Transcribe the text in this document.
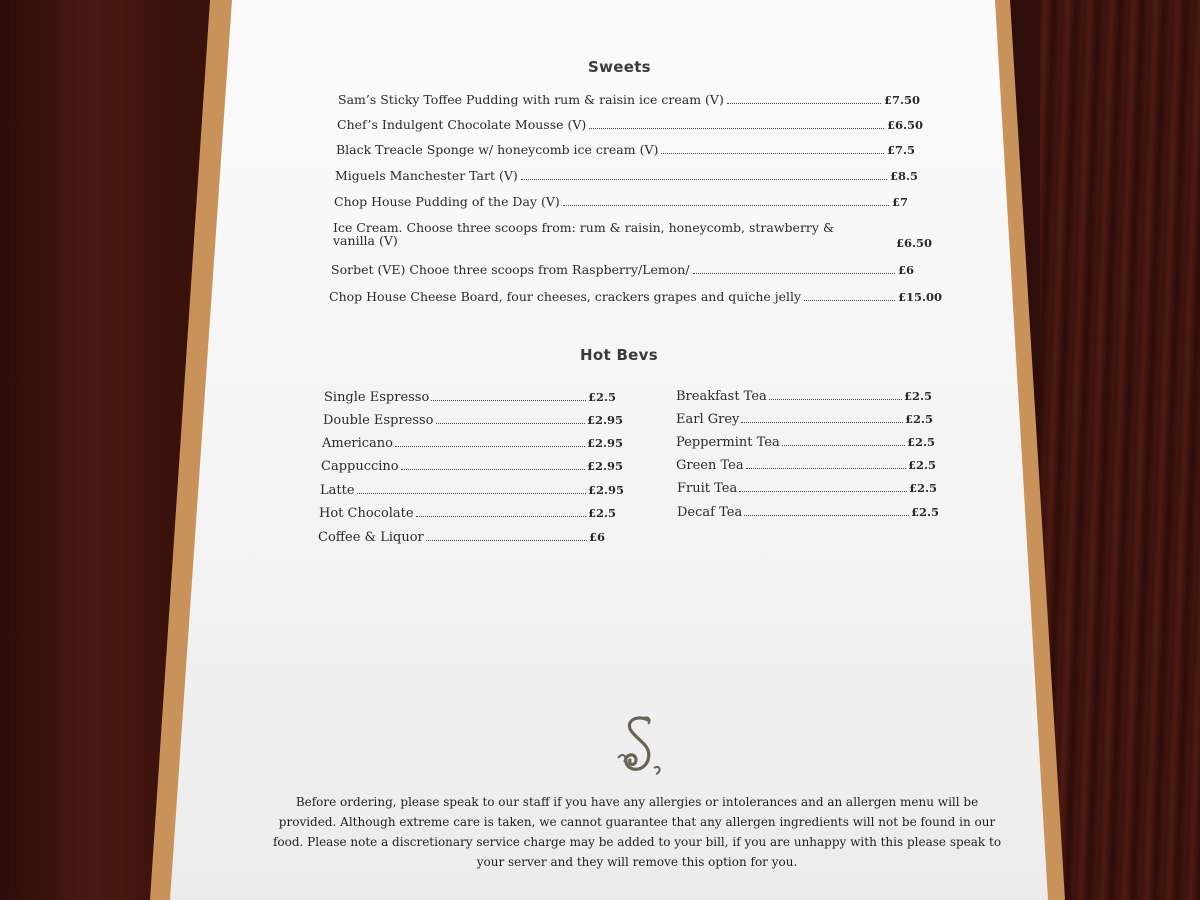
Sweets
Sam’s Sticky Toffee Pudding with rum & raisin ice cream (V)	£7.50
Chef’s Indulgent Chocolate Mousse (V)	£6.50
Black Treacle Sponge w/ honeycomb ice cream (V)	£7.5
Miguels Manchester Tart (V)	£8.5
Chop House Pudding of the Day (V)	£7
Ice Cream. Choose three scoops from: rum & raisin, honeycomb, strawberry &
vanilla (V)	£6.50
Sorbet (VE) Chooe three scoops from Raspberry/Lemon/	£6
Chop House Cheese Board, four cheeses, crackers grapes and quiche jelly	£15.00
Hot Bevs
Single Espresso	£2.5
Double Espresso	£2.95
Americano	£2.95
Cappuccino	£2.95
Latte	£2.95
Hot Chocolate	£2.5
Coffee & Liquor	£6
Breakfast Tea	£2.5
Earl Grey	£2.5
Peppermint Tea	£2.5
Green Tea	£2.5
Fruit Tea	£2.5
Decaf Tea	£2.5
Before ordering, please speak to our staff if you have any allergies or intolerances and an allergen menu will be
provided. Although extreme care is taken, we cannot guarantee that any allergen ingredients will not be found in our
food. Please note a discretionary service charge may be added to your bill, if you are unhappy with this please speak to
your server and they will remove this option for you.
